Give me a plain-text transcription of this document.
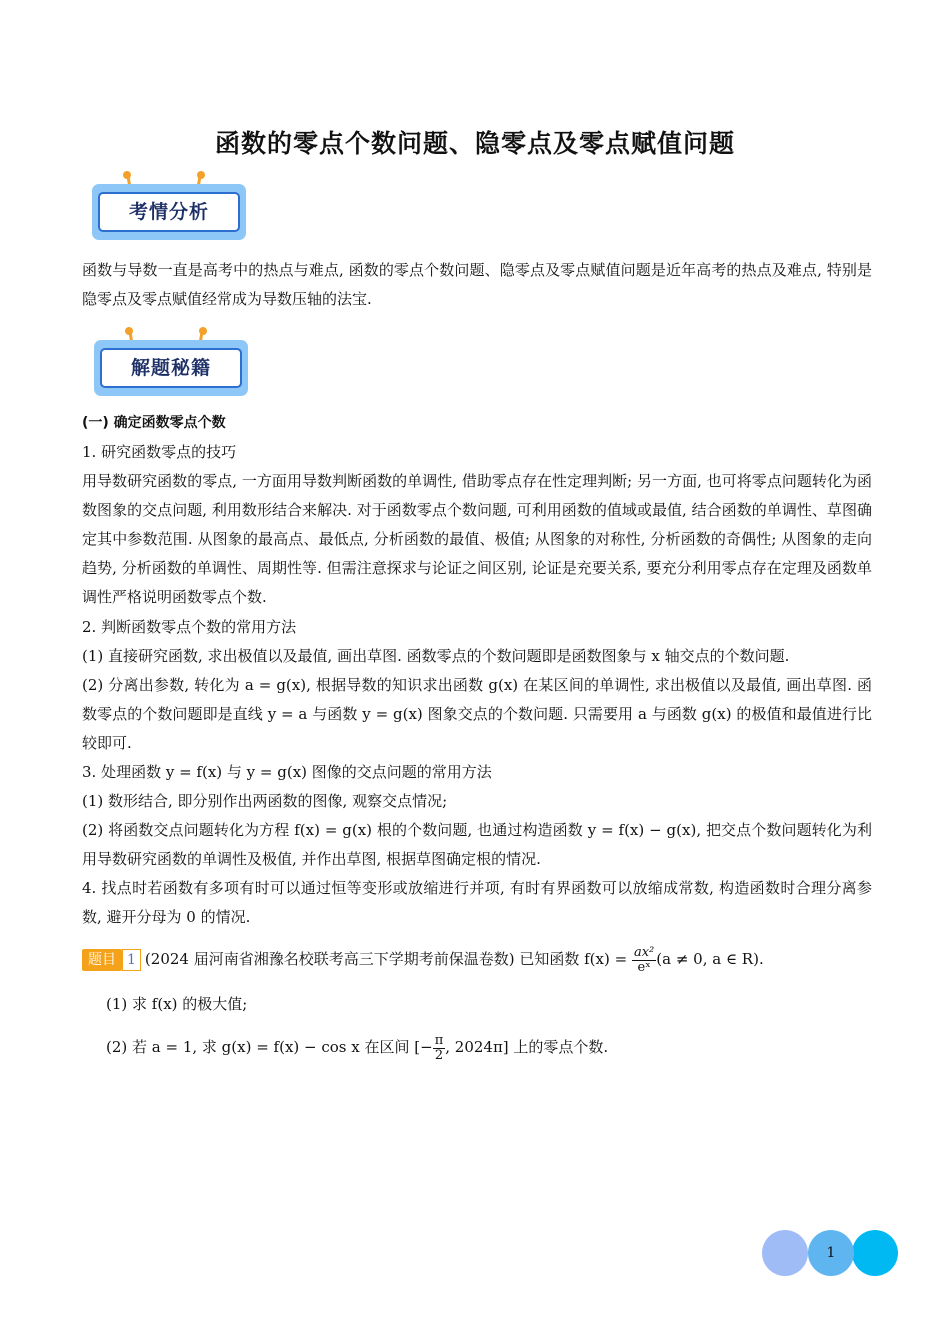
函数的零点个数问题、隐零点及零点赋值问题
考情分析
函数与导数一直是高考中的热点与难点, 函数的零点个数问题、隐零点及零点赋值问题是近年高考的热点及难点, 特别是隐零点及零点赋值经常成为导数压轴的法宝.
解题秘籍
(一) 确定函数零点个数
1. 研究函数零点的技巧
用导数研究函数的零点, 一方面用导数判断函数的单调性, 借助零点存在性定理判断; 另一方面, 也可将零点问题转化为函数图象的交点问题, 利用数形结合来解决. 对于函数零点个数问题, 可利用函数的值域或最值, 结合函数的单调性、草图确定其中参数范围. 从图象的最高点、最低点, 分析函数的最值、极值; 从图象的对称性, 分析函数的奇偶性; 从图象的走向趋势, 分析函数的单调性、周期性等. 但需注意探求与论证之间区别, 论证是充要关系, 要充分利用零点存在定理及函数单调性严格说明函数零点个数.
2. 判断函数零点个数的常用方法
(1) 直接研究函数, 求出极值以及最值, 画出草图. 函数零点的个数问题即是函数图象与 x 轴交点的个数问题.
(2) 分离出参数, 转化为 a = g(x), 根据导数的知识求出函数 g(x) 在某区间的单调性, 求出极值以及最值, 画出草图. 函数零点的个数问题即是直线 y = a 与函数 y = g(x) 图象交点的个数问题. 只需要用 a 与函数 g(x) 的极值和最值进行比较即可.
3. 处理函数 y = f(x) 与 y = g(x) 图像的交点问题的常用方法
(1) 数形结合, 即分别作出两函数的图像, 观察交点情况;
(2) 将函数交点问题转化为方程 f(x) = g(x) 根的个数问题, 也通过构造函数 y = f(x) − g(x), 把交点个数问题转化为利用导数研究函数的单调性及极值, 并作出草图, 根据草图确定根的情况.
4. 找点时若函数有多项有时可以通过恒等变形或放缩进行并项, 有时有界函数可以放缩成常数, 构造函数时合理分离参数, 避开分母为 0 的情况.
题目 1 (2024 届河南省湘豫名校联考高三下学期考前保温卷数) 已知函数 $f(x) = \frac{\text{ax²}}{\text{eˣ}} (a \ne 0$, a ∈ R).
(1) 求 f(x) 的极大值;
(2) 若 a = 1, 求 g(x) = f(x) − cos x 在区间 [− $\frac{\pi}{2}$ , 2024π] 上的零点个数.
1
